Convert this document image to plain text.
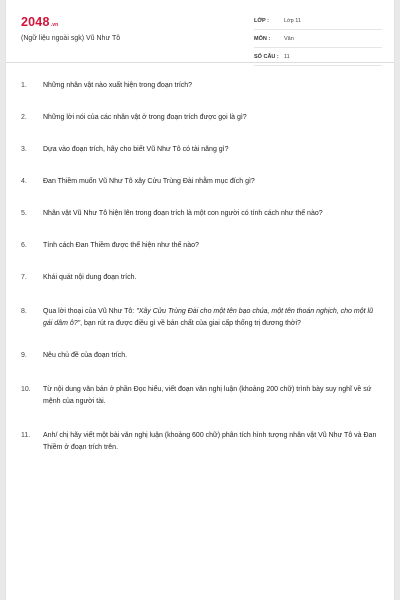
2048.vn
(Ngữ liệu ngoài sgk) Vũ Như Tô
LỚP :	Lớp 11
MÔN :	Văn
SỐ CÂU : 11
1.	Những nhân vật nào xuất hiện trong đoạn trích?
2.	Những lời nói của các nhân vật ở trong đoạn trích được gọi là gì?
3.	Dựa vào đoạn trích, hãy cho biết Vũ Như Tô có tài năng gì?
4.	Đan Thiềm muốn Vũ Như Tô xây Cửu Trùng Đài nhằm mục đích gì?
5.	Nhân vật Vũ Như Tô hiện lên trong đoạn trích là một con người có tính cách như thế nào?
6.	Tính cách Đan Thiềm được thể hiện như thế nào?
7.	Khái quát nội dung đoạn trích.
8.	Qua lời thoại của Vũ Như Tô: "Xây Cửu Trùng Đài cho một tên bạo chúa, một tên thoán nghịch, cho một lũ gái dâm ô?", bạn rút ra được điều gì về bản chất của giai cấp thống trị đương thời?
9.	Nêu chủ đề của đoạn trích.
10.	Từ nội dung văn bản ở phần Đọc hiểu, viết đoạn văn nghị luận (khoảng 200 chữ) trình bày suy nghĩ về sứ mệnh của người tài.
11.	Anh/ chị hãy viết một bài văn nghị luận (khoảng 600 chữ) phân tích hình tượng nhân vật Vũ Như Tô và Đan Thiềm ở đoạn trích trên.
